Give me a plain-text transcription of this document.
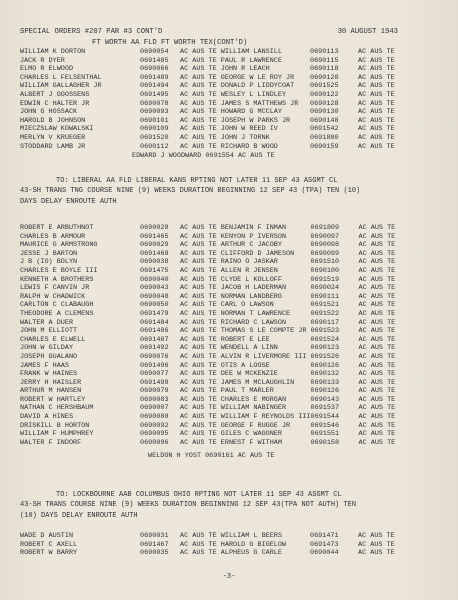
SPECIAL ORDERS #207 PAR #3 CONT'D	30 AUGUST 1943
FT WORTH AA FLD FT WORTH TEX(CONT'D)
WILLIAM K DORTON	0690054	AC AUS TE WILLIAM LANSILL	0690113	AC AUS TE
JACK R DYER	0691485	AC AUS TE PAUL R LAWRENCE	0690115	AC AUS TE
ELMO R ELWOOD	0690066	AC AUS TE JOHN R LEACH	0690118	AC AUS TE
CHARLES L FELSENTHAL	0691489	AC AUS TE GEORGE W LE ROY JR	0690120	AC AUS TE
WILLIAM GALLAGHER JR	0691494	AC AUS TE DONALD P LIDDYCOAT	0691525	AC AUS TE
ALBERT J GOOSSENS	0691495	AC AUS TE WESLEY L LINDLEY	0690122	AC AUS TE
EDWIN C HALTER JR	0690078	AC AUS TE JAMES S MATTHEWS JR	0690128	AC AUS TE
JOHN G HOSSACK	0690093	AC AUS TE HOWARD G MCCLAY	0690130	AC AUS TE
HAROLD B JOHNSON	0690101	AC AUS TE JOSEPH W PARKS JR	0690148	AC AUS TE
MIECZSLAW KOWALSKI	0690109	AC AUS TE JOHN W REED IV	0691542	AC AUS TE
MERLYN V KRUEGER	0691520	AC AUS TE JOHN J TORNK	0691880	AC AUS TE
STODDARD LAMB JR	0690112	AC AUS TE RICHARD B WOOD	0690159	AC AUS TE
EDWARD J WOODWARD 0691554 AC AUS TE
TO: LIBERAL AA FLD LIBERAL KANS RPTING NOT LATER 11 SEP 43 ASGMT CL
43-SH TRANS TNG COURSE NINE (9) WEEKS DURATION BEGINNING 12 SEP 43 (TPA) TEN (10)
DAYS DELAY ENROUTE AUTH
ROBERT E ARBUTHNOT	0690028	AC AUS TE BENJAMIN F INMAN	0691809	AC AUS TE
CHARLES B ARMOUR	0691465	AC AUS TE KENYON P IVERSON	0690097	AC AUS TE
MAURICE G ARMSTRONG	0690029	AC AUS TE ARTHUR C JACOBY	0690098	AC AUS TE
JESSE J BARTON	0691469	AC AUS TE CLIFFORD D JAMESON	0690099	AC AUS TE
J B (IO) BOLYN	0690038	AC AUS TE RAINO O JASKAR	0691510	AC AUS TE
CHARLES E BOYLE III	0691475	AC AUS TE ALLEN R JENSEN	0690100	AC AUS TE
KENNETH A BROTHERS	0690040	AC AUS TE CLYDE L KOLLOFF	0691519	AC AUS TE
LEWIS F CANVIN JR	0690043	AC AUS TE JACOB H LADERMAN	0690024	AC AUS TE
RALPH W CHADWICK	0690048	AC AUS TE NORMAN LANDBERG	0690111	AC AUS TE
CARLTON C CLABAUGH	0690050	AC AUS TE CARL O LAWSON	0691521	AC AUS TE
THEODORE A CLEMENS	0691479	AC AUS TE NORMAN T LAWRENCE	0691522	AC AUS TE
WALTER A DUER	0691484	AC AUS TE RICHARD C LAWSON	0690117	AC AUS TE
JOHN M ELLIOTT	0691486	AC AUS TE THOMAS S LE COMPTE JR	0691523	AC AUS TE
CHARLES E ELWELL	0691487	AC AUS TE ROBERT E LEE	0691524	AC AUS TE
JOHN W GILDAY	0691492	AC AUS TE WENDELL A LINN	0690123	AC AUS TE
JOSEPH GUALANO	0690076	AC AUS TE ALVIN R LIVERMORE III	0691526	AC AUS TE
JAMES F HAAS	0691496	AC AUS TE OTIS A LOOSE	0690126	AC AUS TE
FRANK W HAINES	0690077	AC AUS TE DEE W MCKENZIE	0690132	AC AUS TE
JERRY H HAISLER	0691498	AC AUS TE JAMES M MCLAUGHLIN	0690133	AC AUS TE
ARTHUR M HANSEN	0690079	AC AUS TE PAUL T MARLER	0690126	AC AUS TE
ROBERT W HARTLEY	0690083	AC AUS TE CHARLES E MORGAN	0690143	AC AUS TE
NATHAN C HERSHBAUM	0690087	AC AUS TE WILLIAM NABINGER	0691537	AC AUS TE
DAVID A HINES	0690088	AC AUS TE WILLIAM F REYNOLDS III	0691544	AC AUS TE
DRISKILL B HORTON	0690092	AC AUS TE GEORGE F RUGGE JR	0691546	AC AUS TE
WILLIAM F HUMPHREY	0690095	AC AUS TE GILES C WAGONER	0691551	AC AUS TE
WALTER F INDORF	0690096	AC AUS TE ERNEST F WITHAM	0690158	AC AUS TE
WELDON H YOST 0690161 AC AUS TE
TO: LOCKBOURNE AAB COLUMBUS OHIO RPTING NOT LATER 11 SEP 43 ASGMT CL
43-SH TRANS COURSE NINE (9) WEEKS DURATION BEGINNING 12 SEP 43(TPA NOT AUTH) TEN
(10) DAYS DELAY ENROUTE AUTH
WADE D AUSTIN	0690031	AC AUS TE WILLIAM L BEERS	0691471	AC AUS TE
ROBERT C AXELL	0691467	AC AUS TE HAROLD G BIGELOW	0691473	AC AUS TE
ROBERT W BARRY	0690035	AC AUS TE ALPHEUS G CARLE	0690044	AC AUS TE
-3-
